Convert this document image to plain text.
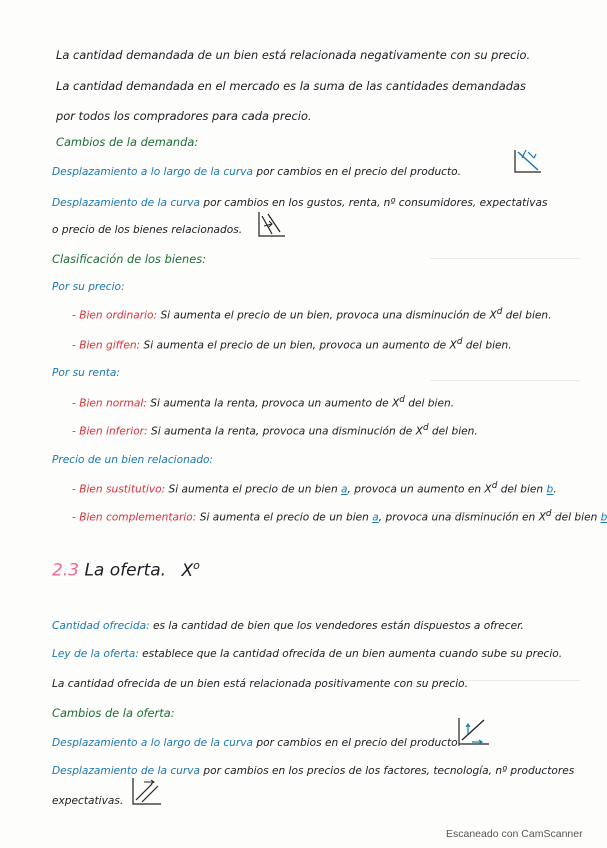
La cantidad demandada de un bien está relacionada negativamente con su precio.
La cantidad demandada en el mercado es la suma de las cantidades demandadas
por todos los compradores para cada precio.
Cambios de la demanda:
Desplazamiento a lo largo de la curva por cambios en el precio del producto.
Desplazamiento de la curva por cambios en los gustos, renta, nº consumidores, expectativas
o precio de los bienes relacionados.
Clasificación de los bienes:
Por su precio:
- Bien ordinario: Si aumenta el precio de un bien, provoca una disminución de $X^d$ del bien.
- Bien giffen: Si aumenta el precio de un bien, provoca un aumento de $X^d$ del bien.
Por su renta:
- Bien normal: Si aumenta la renta, provoca un aumento de $X^d$ del bien.
- Bien inferior: Si aumenta la renta, provoca una disminución de $X^d$ del bien.
Precio de un bien relacionado:
- Bien sustitutivo: Si aumenta el precio de un bien a, provoca un aumento en $X^d$ del bien b.
- Bien complementario: Si aumenta el precio de un bien a, provoca una disminución en $X^d$ del bien b
2.3 La oferta. $X^o$
Cantidad ofrecida: es la cantidad de bien que los vendedores están dispuestos a ofrecer.
Ley de la oferta: establece que la cantidad ofrecida de un bien aumenta cuando sube su precio.
La cantidad ofrecida de un bien está relacionada positivamente con su precio.
Cambios de la oferta:
Desplazamiento a lo largo de la curva por cambios en el precio del producto.
Desplazamiento de la curva por cambios en los precios de los factores, tecnología, nº productores
expectativas.
Escaneado con CamScanner
